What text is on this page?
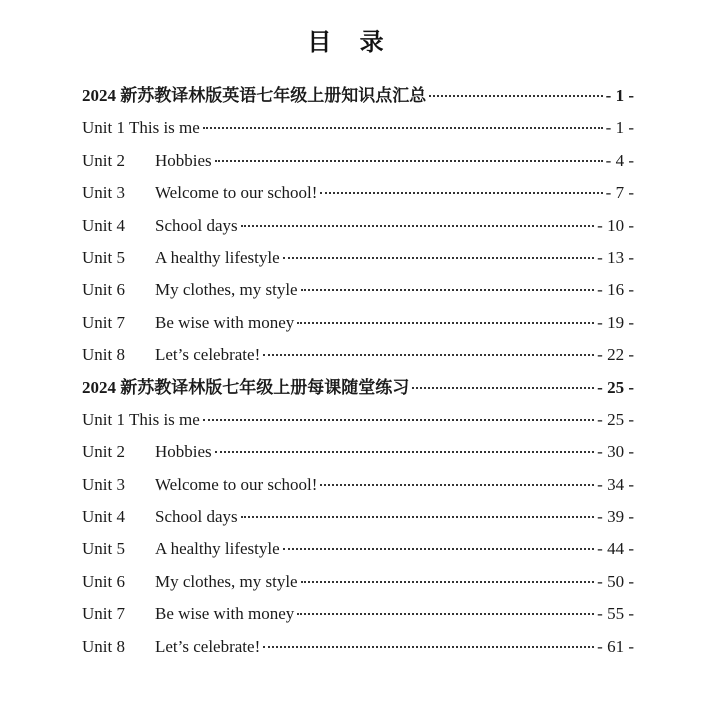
目 录
2024 新苏教译林版英语七年级上册知识点汇总	- 1 -
Unit 1 This is me	- 1 -
Unit 2	Hobbies	- 4 -
Unit 3	Welcome to our school!	- 7 -
Unit 4	School days	- 10 -
Unit 5	A healthy lifestyle	- 13 -
Unit 6	My clothes, my style	- 16 -
Unit 7	Be wise with money	- 19 -
Unit 8	Let’s celebrate!	- 22 -
2024 新苏教译林版七年级上册每课随堂练习	- 25 -
Unit 1 This is me	- 25 -
Unit 2	Hobbies	- 30 -
Unit 3	Welcome to our school!	- 34 -
Unit 4	School days	- 39 -
Unit 5	A healthy lifestyle	- 44 -
Unit 6	My clothes, my style	- 50 -
Unit 7	Be wise with money	- 55 -
Unit 8	Let’s celebrate!	- 61 -
